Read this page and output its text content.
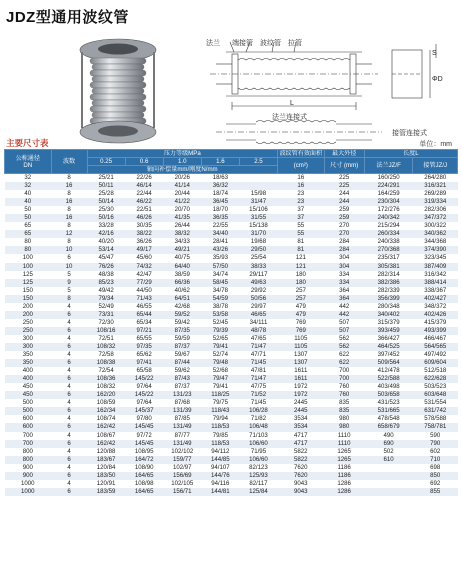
JDZ型通用波纹管
法兰 端接管 波纹管 拉管
S
ΦD
L
法兰连接式
接管连接式
主要尺寸表	单位：mm
公称通径
DN	波数	压力等级MPa					波纹管有效面积	最大外径	长度L	
		0.25	0.6	1.0	1.6	2.5	(cm²)	尺寸 (mm)	法兰JZ/F	接管JZ/J
		轴向补偿量mm/刚度N/mm								
32	8	25/21	22/26	20/26	18/63		16	225	160/250	264/280
32	16	50/11	46/14	41/14	36/32		16	225	224/291	316/321
40	8	25/28	22/44	20/44	18/74	15/98	23	244	164/259	269/289
40	16	50/14	46/22	41/22	36/45	31/47	23	244	230/304	319/334
50	8	25/30	22/51	20/70	18/70	15/106	37	259	172/276	282/306
50	16	50/16	46/26	41/35	36/35	31/55	37	259	240/342	347/372
65	8	33/28	30/35	26/44	22/55	15/138	55	270	215/294	300/322
65	12	42/16	38/22	38/32	34/40	31/70	55	270	260/334	340/362
80	8	40/20	36/26	34/33	28/41	19/68	81	284	240/338	344/368
80	10	53/14	49/17	49/21	43/26	29/50	81	284	270/368	374/390
100	6	45/47	45/60	40/75	35/93	25/54	121	304	235/317	323/345
100	10	76/26	74/32	64/40	57/50	38/33	121	304	305/381	387/409
125	5	48/38	42/47	38/59	34/74	29/117	180	334	282/314	316/342
125	9	85/23	77/29	66/36	58/45	49/63	180	334	382/386	388/414
150	5	49/42	44/50	40/62	34/78	29/92	257	364	282/339	338/367
150	8	79/34	71/43	64/51	54/59	50/56	257	364	356/399	402/427
200	4	52/49	46/55	42/68	38/78	29/97	479	442	280/348	348/372
200	6	73/31	65/44	59/52	53/58	46/65	479	442	340/402	402/426
250	4	72/30	65/34	59/42	52/45	34/111	769	507	315/379	415/379
250	6	108/16	97/21	87/35	79/39	48/78	769	507	393/459	493/399
300	4	72/51	65/55	59/59	52/65	47/65	1105	562	366/427	466/467
300	6	108/32	97/35	87/37	79/41	71/47	1105	562	464/525	564/565
350	4	72/58	65/62	59/67	52/74	47/71	1307	622	397/452	497/492
350	6	108/38	97/41	87/44	79/48	71/45	1307	622	509/564	609/604
400	4	72/54	65/58	59/62	52/68	47/81	1611	700	412/478	512/518
400	6	108/36	145/22	87/43	79/47	71/47	1611	700	522/588	622/628
450	4	108/32	97/64	87/37	79/41	47/75	1972	760	403/498	503/523
450	6	162/20	145/22	131/23	118/25	71/52	1972	760	503/658	603/648
500	4	108/59	97/64	87/68	79/75	71/45	2445	835	431/523	531/554
500	6	162/34	145/37	131/39	118/43	106/28	2445	835	531/665	631/742
600	4	108/74	97/80	87/85	79/94	71/82	3534	980	478/548	578/588
600	6	162/42	145/45	131/49	118/53	106/48	3534	980	658/679	758/781
700	4	108/67	97/72	87/77	79/85	71/103	4717	1110	490	590
700	6	162/42	145/45	131/49	118/53	106/60	4717	1110	690	790
800	4	120/88	108/95	102/102	94/112	71/95	5822	1265	502	602
800	6	183/67	164/72	159/77	144/85	106/60	5822	1265	610	710
900	4	120/84	108/90	102/97	94/107	82/123	7620	1186		698
900	6	183/50	164/65	156/69	144/76	125/93	7620	1186		850
1000	4	120/91	108/98	102/105	94/116	82/117	9043	1286		692
1000	6	183/59	164/65	156/71	144/81	125/84	9043	1286		855
